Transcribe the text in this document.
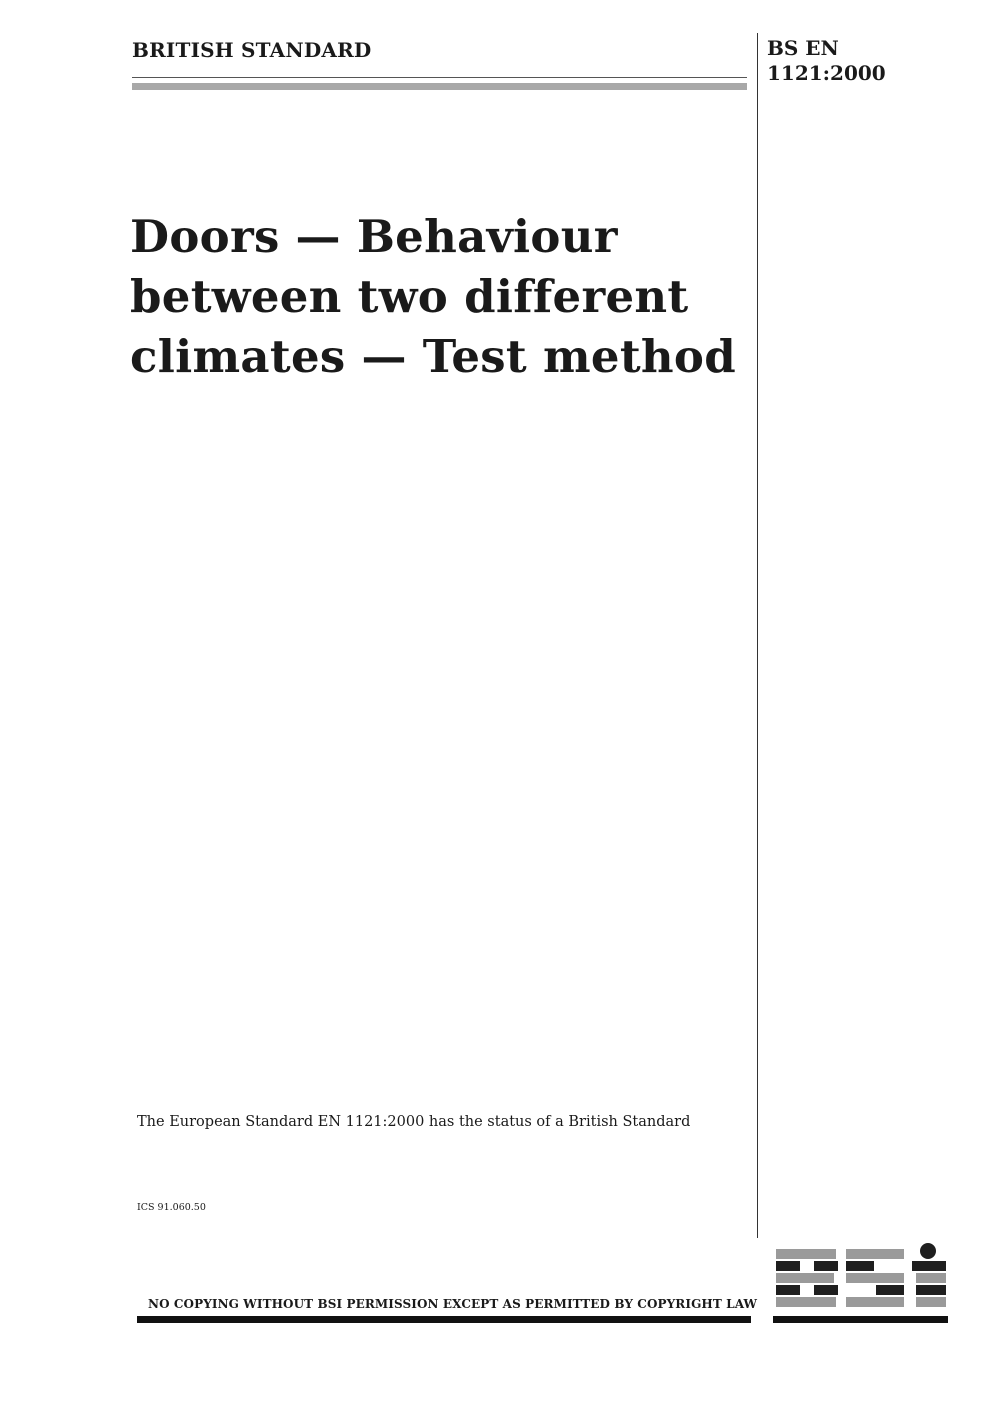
BRITISH STANDARD	BS EN
1121:2000
Doors — Behaviour
between two different
climates — Test method
The European Standard EN 1121:2000 has the status of a British Standard
ICS 91.060.50
NO COPYING WITHOUT BSI PERMISSION EXCEPT AS PERMITTED BY COPYRIGHT LAW
